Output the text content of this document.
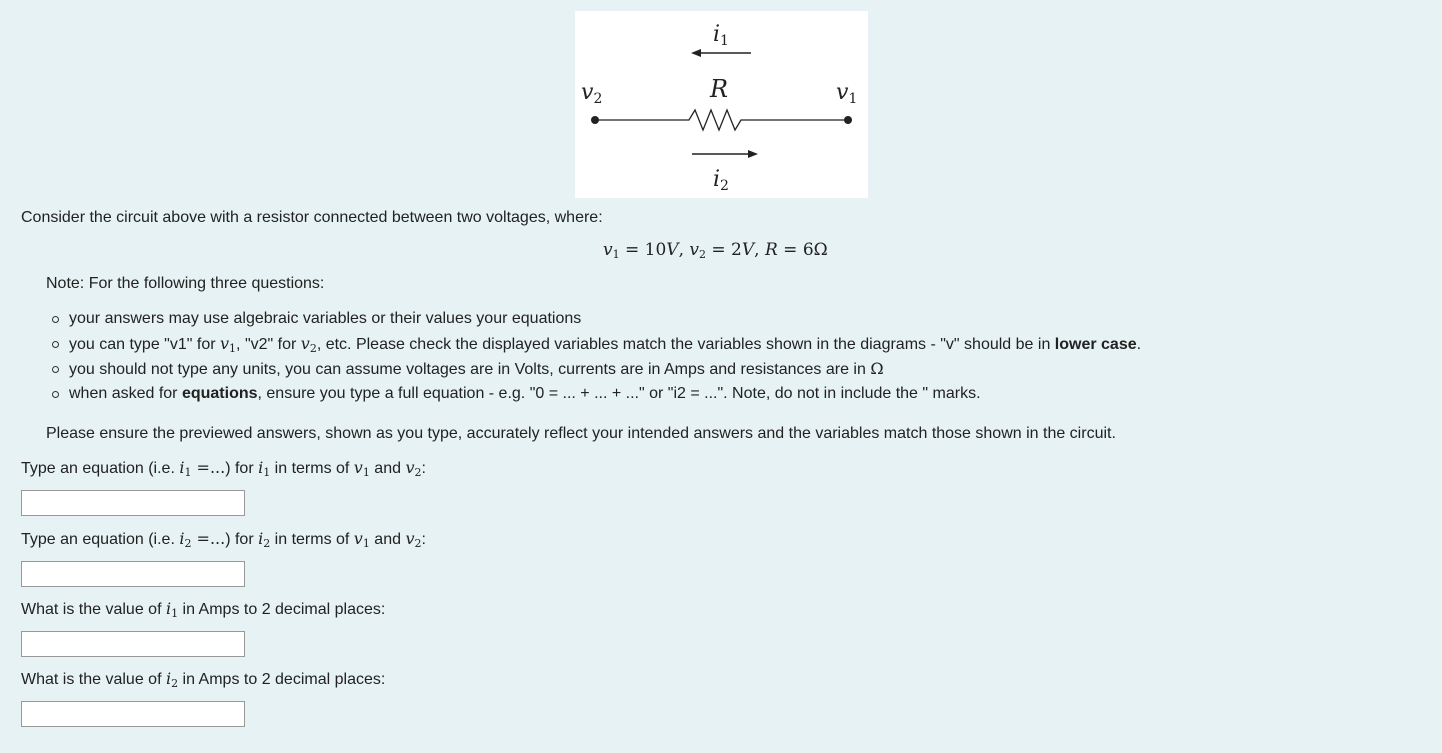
i1
v2	v1
R
i2

Consider the circuit above with a resistor connected between two voltages, where:

$v_1 = 10V$, $v_2 = 2V$, R = 6Ω

Note: For the following three questions:

your answers may use algebraic variables or their values your equations
you can type "v1" for $v_1$, "v2" for $v_2$, etc. Please check the displayed variables match the variables shown in the diagrams - "v" should be in lower case.
you should not type any units, you can assume voltages are in Volts, currents are in Amps and resistances are in Ω
when asked for equations, ensure you type a full equation - e.g. "0 = ... + ... + ..." or "i2 = ...". Note, do not in include the " marks.

Please ensure the previewed answers, shown as you type, accurately reflect your intended answers and the variables match those shown in the circuit.

Type an equation (i.e. $i_1$ =...) for $i_1$ in terms of $v_1$ and $v_2$:

Type an equation (i.e. $i_2$ =...) for $i_2$ in terms of $v_1$ and $v_2$:

What is the value of $i_1$ in Amps to 2 decimal places:

What is the value of $i_2$ in Amps to 2 decimal places:
